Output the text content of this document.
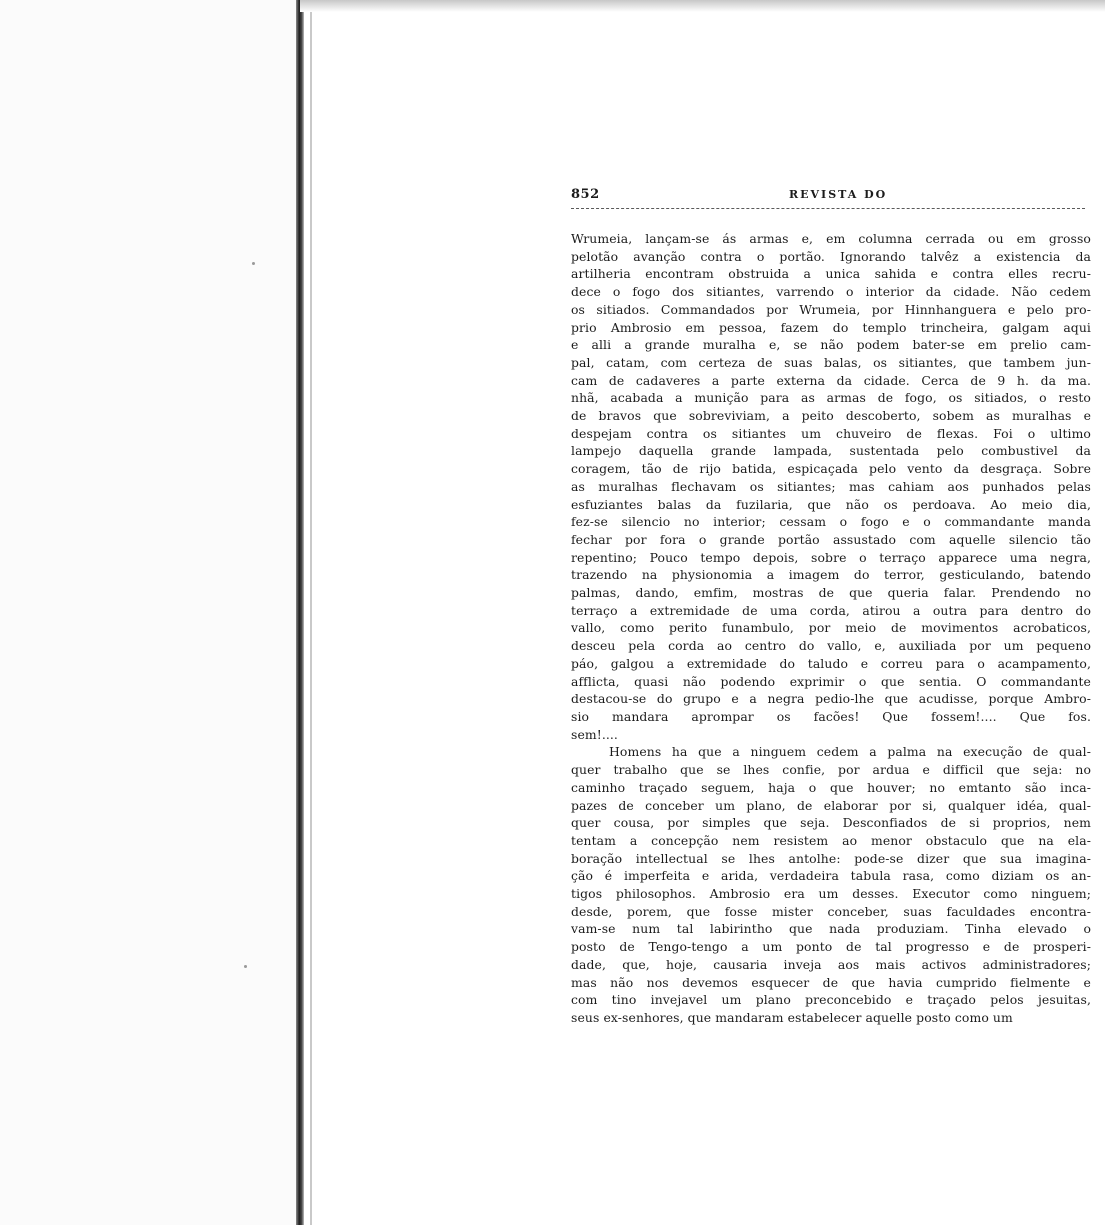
852	REVISTA DO

Wrumeia, lançam-se ás armas e, em columna cerrada ou em grosso
pelotão avanção contra o portão. Ignorando talvêz a existencia da
artilheria encontram obstruida a unica sahida e contra elles recru-
dece o fogo dos sitiantes, varrendo o interior da cidade. Não cedem
os sitiados. Commandados por Wrumeia, por Hinnhanguera e pelo pro-
prio Ambrosio em pessoa, fazem do templo trincheira, galgam aqui
e alli a grande muralha e, se não podem bater-se em prelio cam-
pal, catam, com certeza de suas balas, os sitiantes, que tambem jun-
cam de cadaveres a parte externa da cidade. Cerca de 9 h. da ma.
nhã, acabada a munição para as armas de fogo, os sitiados, o resto
de bravos que sobreviviam, a peito descoberto, sobem as muralhas e
despejam contra os sitiantes um chuveiro de flexas. Foi o ultimo
lampejo daquella grande lampada, sustentada pelo combustivel da
coragem, tão de rijo batida, espicaçada pelo vento da desgraça. Sobre
as muralhas flechavam os sitiantes; mas cahiam aos punhados pelas
esfuziantes balas da fuzilaria, que não os perdoava. Ao meio dia,
fez-se silencio no interior; cessam o fogo e o commandante manda
fechar por fora o grande portão assustado com aquelle silencio tão
repentino; Pouco tempo depois, sobre o terraço apparece uma negra,
trazendo na physionomia a imagem do terror, gesticulando, batendo
palmas, dando, emfim, mostras de que queria falar. Prendendo no
terraço a extremidade de uma corda, atirou a outra para dentro do
vallo, como perito funambulo, por meio de movimentos acrobaticos,
desceu pela corda ao centro do vallo, e, auxiliada por um pequeno
páo, galgou a extremidade do taludo e correu para o acampamento,
afflicta, quasi não podendo exprimir o que sentia. O commandante
destacou-se do grupo e a negra pedio-lhe que acudisse, porque Ambro-
sio mandara aprompar os facões! Que fossem!.... Que fos.
sem!....

Homens ha que a ninguem cedem a palma na execução de qual-
quer trabalho que se lhes confie, por ardua e difficil que seja: no
caminho traçado seguem, haja o que houver; no emtanto são inca-
pazes de conceber um plano, de elaborar por si, qualquer idéa, qual-
quer cousa, por simples que seja. Desconfiados de si proprios, nem
tentam a concepção nem resistem ao menor obstaculo que na ela-
boração intellectual se lhes antolhe: pode-se dizer que sua imagina-
ção é imperfeita e arida, verdadeira tabula rasa, como diziam os an-
tigos philosophos. Ambrosio era um desses. Executor como ninguem;
desde, porem, que fosse mister conceber, suas faculdades encontra-
vam-se num tal labirintho que nada produziam. Tinha elevado o
posto de Tengo-tengo a um ponto de tal progresso e de prosperi-
dade, que, hoje, causaria inveja aos mais activos administradores;
mas não nos devemos esquecer de que havia cumprido fielmente e
com tino invejavel um plano preconcebido e traçado pelos jesuitas,
seus ex-senhores, que mandaram estabelecer aquelle posto como um
